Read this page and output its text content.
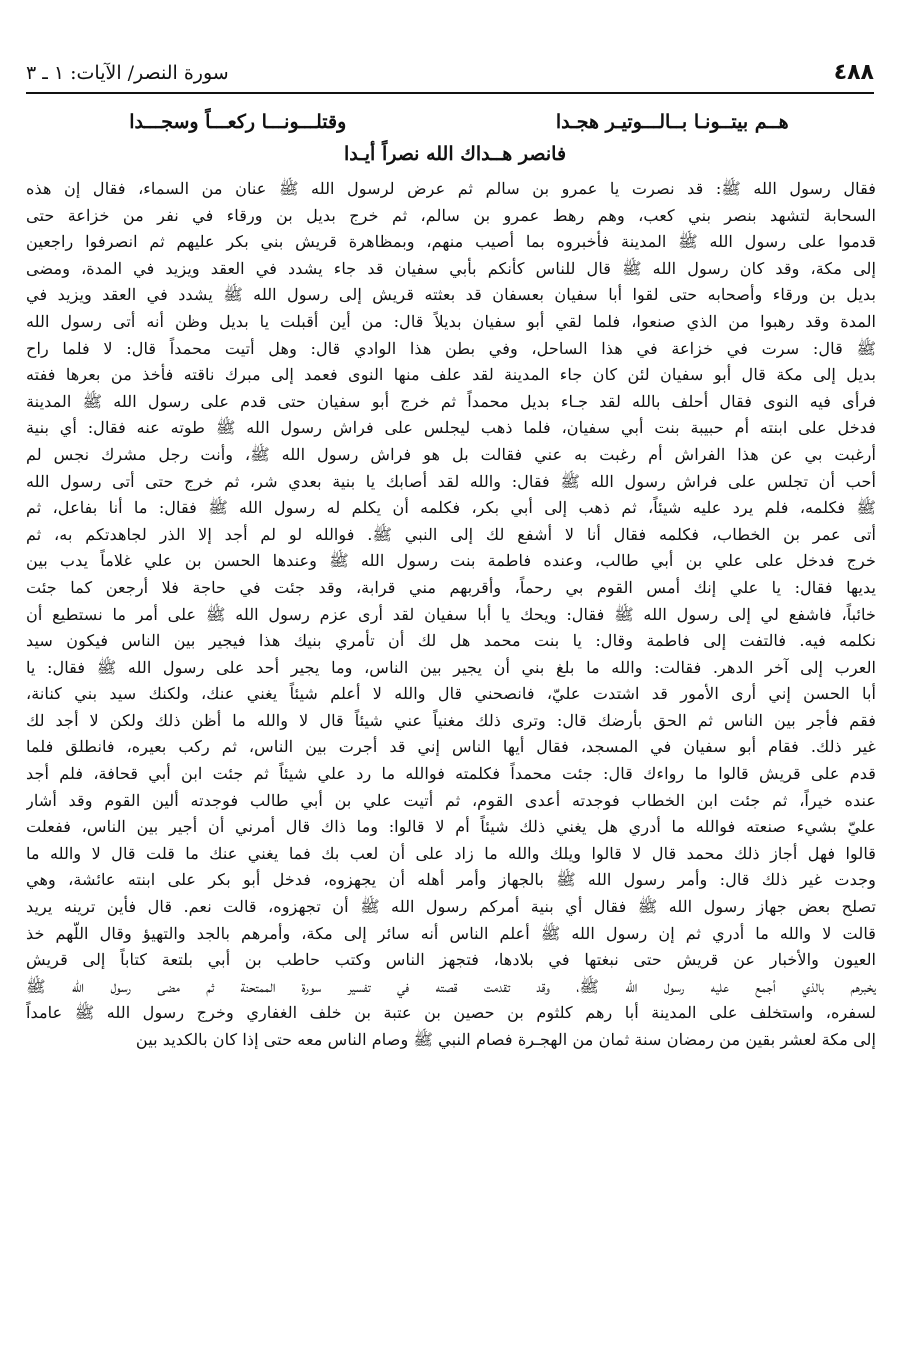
٤٨٨
سورة النصر/ الآيات: ١ ـ ٣
هــم بيتــونـا بــالـــوتيـر هجـدا
وقتلـــونـــا ركعـــاً وسجـــدا
فانصر هــداك الله نصراً أيـدا
فقال رسول الله ﷺ: قد نصرت يا عمرو بن سالم ثم عرض لرسول الله ﷺ عنان من السماء، فقال إن هذه
السحابة لتشهد بنصر بني كعب، وهم رهط عمرو بن سالم، ثم خرج بديل بن ورقاء في نفر من خزاعة حتى
قدموا على رسول الله ﷺ المدينة فأخبروه بما أصيب منهم، وبمظاهرة قريش بني بكر عليهم ثم انصرفوا راجعين
إلى مكة، وقد كان رسول الله ﷺ قال للناس كأنكم بأبي سفيان قد جاء يشدد في العقد ويزيد في المدة، ومضى
بديل بن ورقاء وأصحابه حتى لقوا أبا سفيان بعسفان قد بعثته قريش إلى رسول الله ﷺ يشدد في العقد ويزيد في
المدة وقد رهبوا من الذي صنعوا، فلما لقي أبو سفيان بديلاً قال: من أين أقبلت يا بديل وظن أنه أتى رسول الله
ﷺ قال: سرت في خزاعة في هذا الساحل، وفي بطن هذا الوادي قال: وهل أتيت محمداً قال: لا فلما راح
بديل إلى مكة قال أبو سفيان لئن كان جاء المدينة لقد علف منها النوى فعمد إلى مبرك ناقته فأخذ من بعرها ففته
فرأى فيه النوى فقال أحلف بالله لقد جـاء بديل محمداً ثم خرج أبو سفيان حتى قدم على رسول الله ﷺ المدينة
فدخل على ابنته أم حبيبة بنت أبي سفيان، فلما ذهب ليجلس على فراش رسول الله ﷺ طوته عنه فقال: أي بنية
أرغبت بي عن هذا الفراش أم رغبت به عني فقالت بل هو فراش رسول الله ﷺ، وأنت رجل مشرك نجس لم
أحب أن تجلس على فراش رسول الله ﷺ فقال: والله لقد أصابك يا بنية بعدي شر، ثم خرج حتى أتى رسول الله
ﷺ فكلمه، فلم يرد عليه شيئاً، ثم ذهب إلى أبي بكر، فكلمه أن يكلم له رسول الله ﷺ فقال: ما أنا بفاعل، ثم
أتى عمر بن الخطاب، فكلمه فقال أنا لا أشفع لك إلى النبي ﷺ. فوالله لو لم أجد إلا الذر لجاهدتكم به، ثم
خرج فدخل على علي بن أبي طالب، وعنده فاطمة بنت رسول الله ﷺ وعندها الحسن بن علي غلاماً يدب بين
يديها فقال: يا علي إنك أمس القوم بي رحماً، وأقربهم مني قرابة، وقد جئت في حاجة فلا أرجعن كما جئت
خائباً، فاشفع لي إلى رسول الله ﷺ فقال: ويحك يا أبا سفيان لقد أرى عزم رسول الله ﷺ على أمر ما نستطيع أن
نكلمه فيه. فالتفت إلى فاطمة وقال: يا بنت محمد هل لك أن تأمري بنيك هذا فيجير بين الناس فيكون سيد
العرب إلى آخر الدهر. فقالت: والله ما بلغ بني أن يجير بين الناس، وما يجير أحد على رسول الله ﷺ فقال: يا
أبا الحسن إني أرى الأمور قد اشتدت عليّ، فانصحني قال والله لا أعلم شيئاً يغني عنك، ولكنك سيد بني كنانة،
فقم فأجر بين الناس ثم الحق بأرضك قال: وترى ذلك مغنياً عني شيئاً قال لا والله ما أظن ذلك ولكن لا أجد لك
غير ذلك. فقام أبو سفيان في المسجد، فقال أيها الناس إني قد أجرت بين الناس، ثم ركب بعيره، فانطلق فلما
قدم على قريش قالوا ما رواءك قال: جئت محمداً فكلمته فوالله ما رد علي شيئاً ثم جئت ابن أبي قحافة، فلم أجد
عنده خيراً، ثم جئت ابن الخطاب فوجدته أعدى القوم، ثم أتيت علي بن أبي طالب فوجدته ألين القوم وقد أشار
عليّ بشيء صنعته فوالله ما أدري هل يغني ذلك شيئاً أم لا قالوا: وما ذاك قال أمرني أن أجير بين الناس، ففعلت
قالوا فهل أجاز ذلك محمد قال لا قالوا ويلك والله ما زاد على أن لعب بك فما يغني عنك ما قلت قال لا والله ما
وجدت غير ذلك قال: وأمر رسول الله ﷺ بالجهاز وأمر أهله أن يجهزوه، فدخل أبو بكر على ابنته عائشة، وهي
تصلح بعض جهاز رسول الله ﷺ فقال أي بنية أمركم رسول الله ﷺ أن تجهزوه، قالت نعم. قال فأين ترينه يريد
قالت لا والله ما أدري ثم إن رسول الله ﷺ أعلم الناس أنه سائر إلى مكة، وأمرهم بالجد والتهيؤ وقال اللّهم خذ
العيون والأخبار عن قريش حتى نبغتها في بلادها، فتجهز الناس وكتب حاطب بن أبي بلتعة كتاباً إلى قريش
يخبرهم بالذي أجمع عليه رسول الله ﷺ، وقد تقدمت قصته في تفسير سورة الممتحنة ثم مضى رسول الله ﷺ
لسفره، واستخلف على المدينة أبا رهم كلثوم بن حصين بن عتبة بن خلف الغفاري وخرج رسول الله ﷺ عامداً
إلى مكة لعشر بقين من رمضان سنة ثمان من الهجـرة فصام النبي ﷺ وصام الناس معه حتى إذا كان بالكديد بين
